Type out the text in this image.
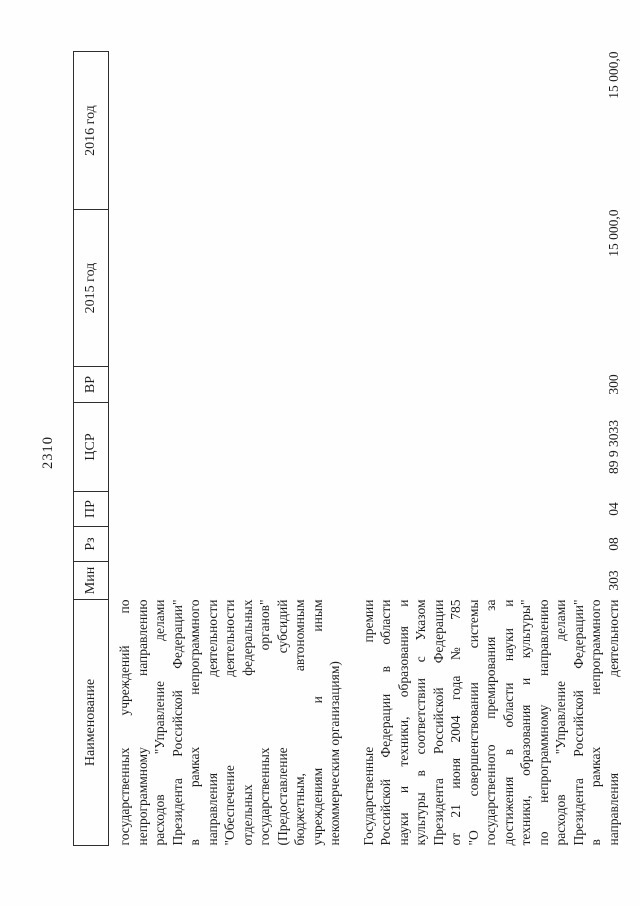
2310
Наименование	Мин	Рз	ПР	ЦСР	ВР	2015 год	2016 год

государственных учреждений по непрограммному направлению расходов "Управление делами Президента Российской Федерации" в рамках непрограммного направления деятельности "Обеспечение деятельности отдельных федеральных государственных органов" (Предоставление субсидий бюджетным, автономным учреждениям и иным некоммерческим организациям)

Государственные премии Российской Федерации в области науки и техники, образования и культуры в соответствии с Указом Президента Российской Федерации от 21 июня 2004 года № 785 "О совершенствовании системы государственного премирования за достижения в области науки и техники, образования и культуры" по непрограммному направлению расходов "Управление делами Президента Российской Федерации" в рамках непрограммного направления деятельности
	303	08	04	89 9 3033	300	15 000,0	15 000,0
